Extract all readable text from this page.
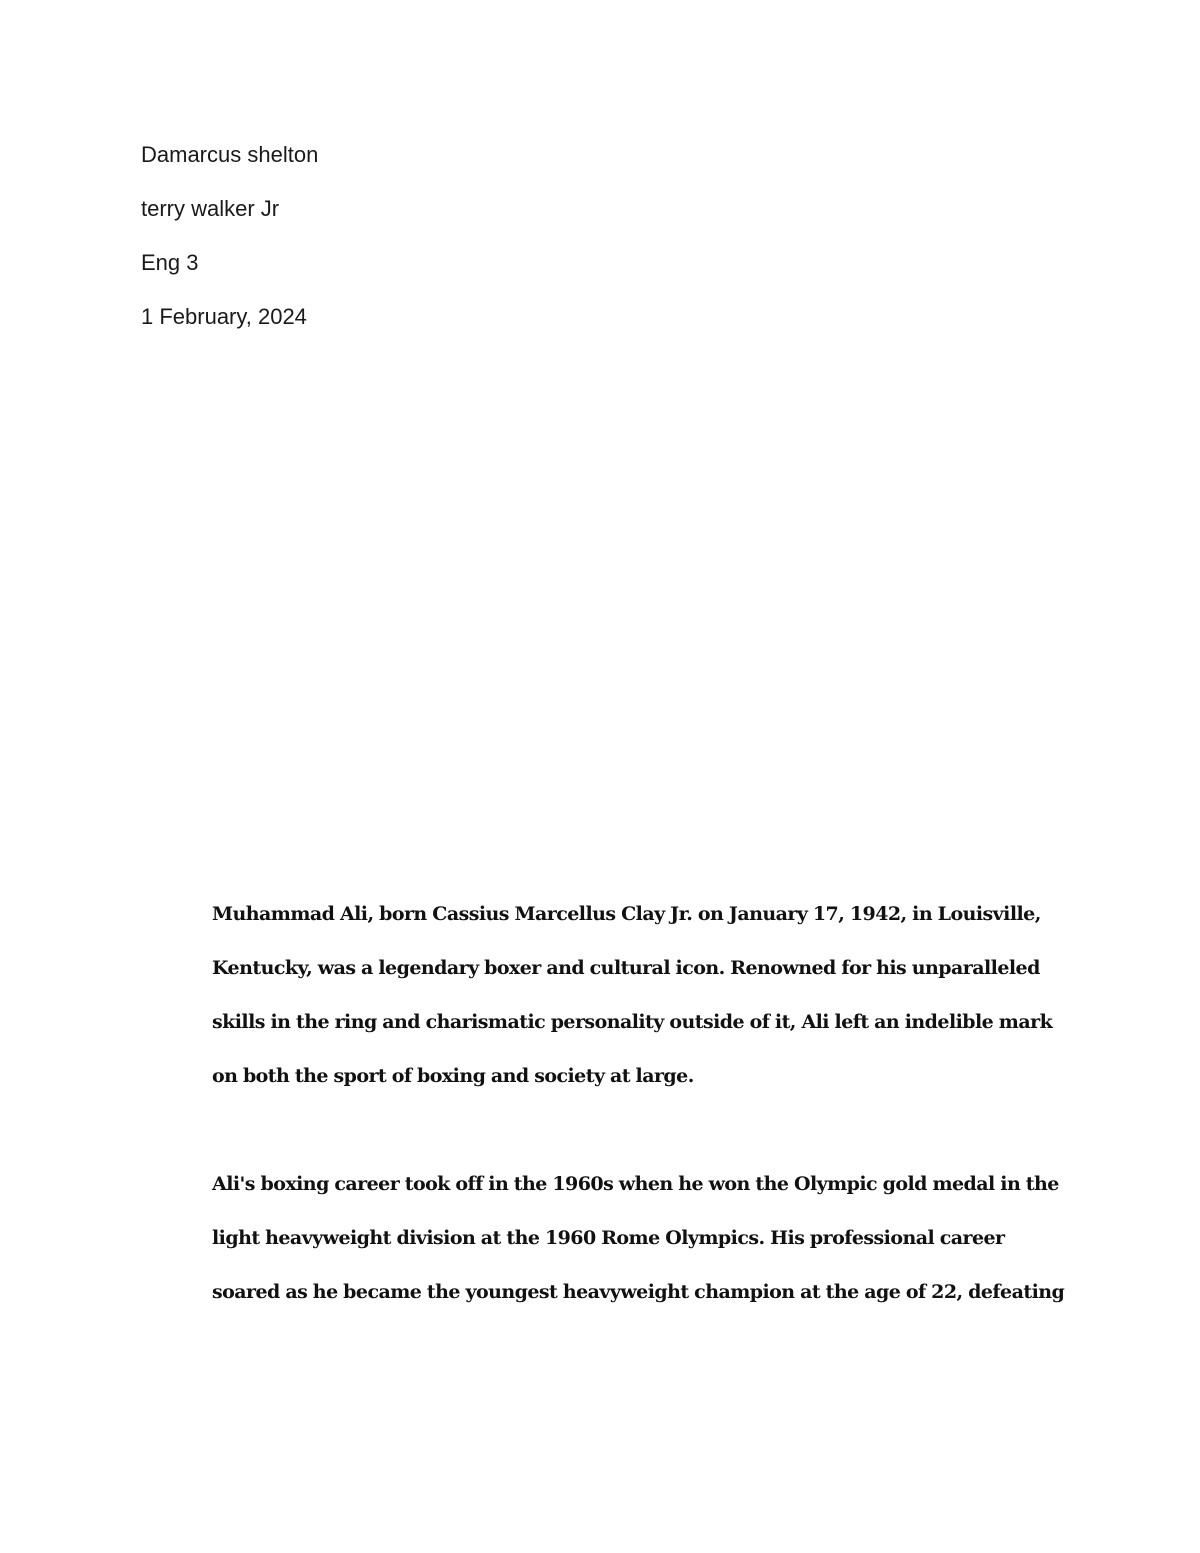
Damarcus shelton
terry walker Jr
Eng 3
1 February, 2024
Muhammad Ali, born Cassius Marcellus Clay Jr. on January 17, 1942, in Louisville,
Kentucky, was a legendary boxer and cultural icon. Renowned for his unparalleled
skills in the ring and charismatic personality outside of it, Ali left an indelible mark
on both the sport of boxing and society at large.
Ali's boxing career took off in the 1960s when he won the Olympic gold medal in the
light heavyweight division at the 1960 Rome Olympics. His professional career
soared as he became the youngest heavyweight champion at the age of 22, defeating
